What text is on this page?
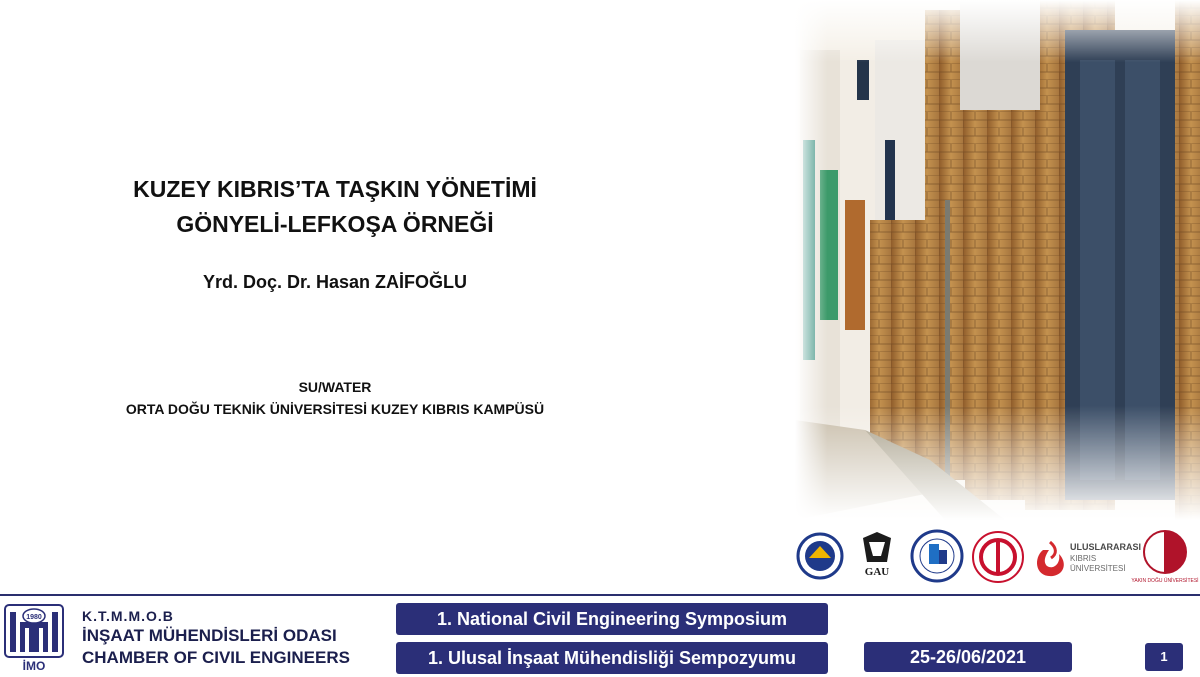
KUZEY KIBRIS’TA TAŞKIN YÖNETİMİ
GÖNYELİ-LEFKOŞA ÖRNEĞİ
Yrd. Doç. Dr. Hasan ZAİFOĞLU
SU/WATER
ORTA DOĞU TEKNİK ÜNİVERSİTESİ KUZEY KIBRIS KAMPÜSÜ
GAU
ULUSLARARASI
KIBRIS
ÜNİVERSİTESİ
YAKIN DOĞU ÜNİVERSİTESİ
1980
İMO
K.T.M.M.O.B
İNŞAAT MÜHENDİSLERİ ODASI
CHAMBER OF CIVIL ENGINEERS
1. National Civil Engineering Symposium
1. Ulusal İnşaat Mühendisliği Sempozyumu	25-26/06/2021	1
